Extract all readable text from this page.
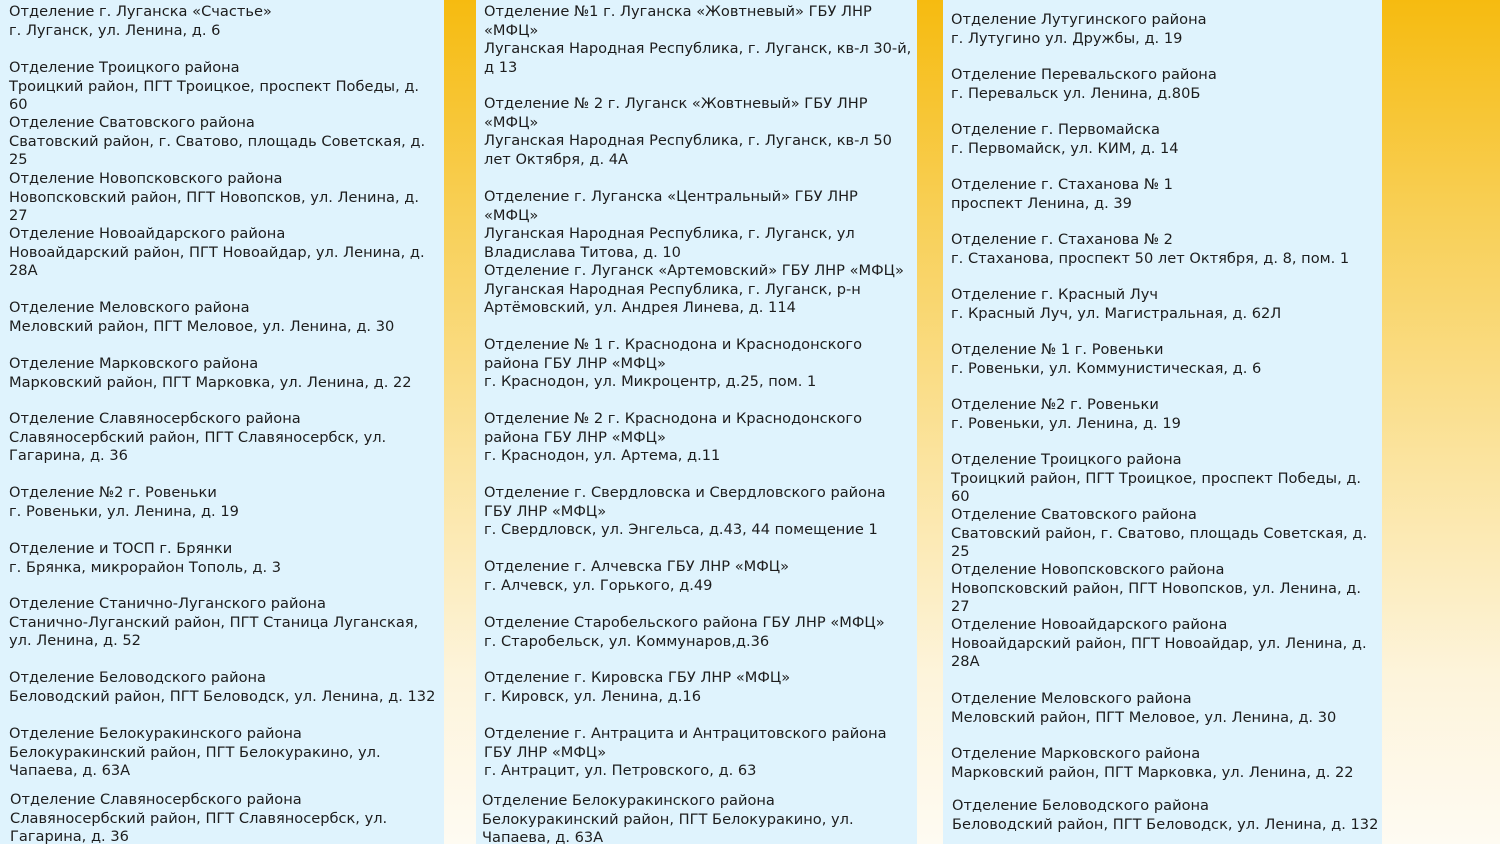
Отделение г. Луганска «Счастье»
г. Луганск, ул. Ленина, д. 6
Отделение Троицкого района
Троицкий район, ПГТ Троицкое, проспект Победы, д. 60
Отделение Сватовского района
Сватовский район, г. Сватово, площадь Советская, д. 25
Отделение Новопсковского района
Новопсковский район, ПГТ Новопсков, ул. Ленина, д. 27
Отделение Новоайдарского района
Новоайдарский район, ПГТ Новоайдар, ул. Ленина, д. 28А
Отделение Меловского района
Меловский район, ПГТ Меловое, ул. Ленина, д. 30
Отделение Марковского района
Марковский район, ПГТ Марковка, ул. Ленина, д. 22
Отделение Славяносербского района
Славяносербский район, ПГТ Славяносербск, ул. Гагарина, д. 36
Отделение №2 г. Ровеньки
г. Ровеньки, ул. Ленина, д. 19
Отделение и ТОСП г. Брянки
г. Брянка, микрорайон Тополь, д. 3
Отделение Станично-Луганского района
Станично-Луганский район, ПГТ Станица Луганская, ул. Ленина, д. 52
Отделение Беловодского района
Беловодский район, ПГТ Беловодск, ул. Ленина, д. 132
Отделение Белокуракинского района
Белокуракинский район, ПГТ Белокуракино, ул. Чапаева, д. 63А
Отделение Славяносербского района
Славяносербский район, ПГТ Славяносербск, ул. Гагарина, д. 36
Отделение №1 г. Луганска «Жовтневый» ГБУ ЛНР «МФЦ»
Луганская Народная Республика, г. Луганск, кв-л 30-й, д 13
Отделение № 2 г. Луганск «Жовтневый» ГБУ ЛНР «МФЦ»
Луганская Народная Республика, г. Луганск, кв-л 50 лет Октября, д. 4А
Отделение г. Луганска «Центральный» ГБУ ЛНР «МФЦ»
Луганская Народная Республика, г. Луганск, ул Владислава Титова, д. 10
Отделение г. Луганск «Артемовский» ГБУ ЛНР «МФЦ»
Луганская Народная Республика, г. Луганск, р-н Артёмовский, ул. Андрея Линева, д. 114
Отделение № 1 г. Краснодона и Краснодонского района ГБУ ЛНР «МФЦ»
г. Краснодон, ул. Микроцентр, д.25, пом. 1
Отделение № 2 г. Краснодона и Краснодонского района ГБУ ЛНР «МФЦ»
г. Краснодон, ул. Артема, д.11
Отделение г. Свердловска и Свердловского района ГБУ ЛНР «МФЦ»
г. Свердловск, ул. Энгельса, д.43, 44 помещение 1
Отделение г. Алчевска ГБУ ЛНР «МФЦ»
г. Алчевск, ул. Горького, д.49
Отделение Старобельского района ГБУ ЛНР «МФЦ»
г. Старобельск, ул. Коммунаров,д.36
Отделение г. Кировска ГБУ ЛНР «МФЦ»
г. Кировск, ул. Ленина, д.16
Отделение г. Антрацита и Антрацитовского района ГБУ ЛНР «МФЦ»
г. Антрацит, ул. Петровского, д. 63
Отделение Белокуракинского района
Белокуракинский район, ПГТ Белокуракино, ул. Чапаева, д. 63А
Отделение Лутугинского района
г. Лутугино ул. Дружбы, д. 19
Отделение Перевальского района
г. Перевальск ул. Ленина, д.80Б
Отделение г. Первомайска
г. Первомайск, ул. КИМ, д. 14
Отделение г. Стаханова № 1
проспект Ленина, д. 39
Отделение г. Стаханова № 2
г. Стаханова, проспект 50 лет Октября, д. 8, пом. 1
Отделение г. Красный Луч
г. Красный Луч, ул. Магистральная, д. 62Л
Отделение № 1 г. Ровеньки
г. Ровеньки, ул. Коммунистическая, д. 6
Отделение №2 г. Ровеньки
г. Ровеньки, ул. Ленина, д. 19
Отделение Троицкого района
Троицкий район, ПГТ Троицкое, проспект Победы, д. 60
Отделение Сватовского района
Сватовский район, г. Сватово, площадь Советская, д. 25
Отделение Новопсковского района
Новопсковский район, ПГТ Новопсков, ул. Ленина, д. 27
Отделение Новоайдарского района
Новоайдарский район, ПГТ Новоайдар, ул. Ленина, д. 28А
Отделение Меловского района
Меловский район, ПГТ Меловое, ул. Ленина, д. 30
Отделение Марковского района
Марковский район, ПГТ Марковка, ул. Ленина, д. 22
Отделение Беловодского района
Беловодский район, ПГТ Беловодск, ул. Ленина, д. 132
